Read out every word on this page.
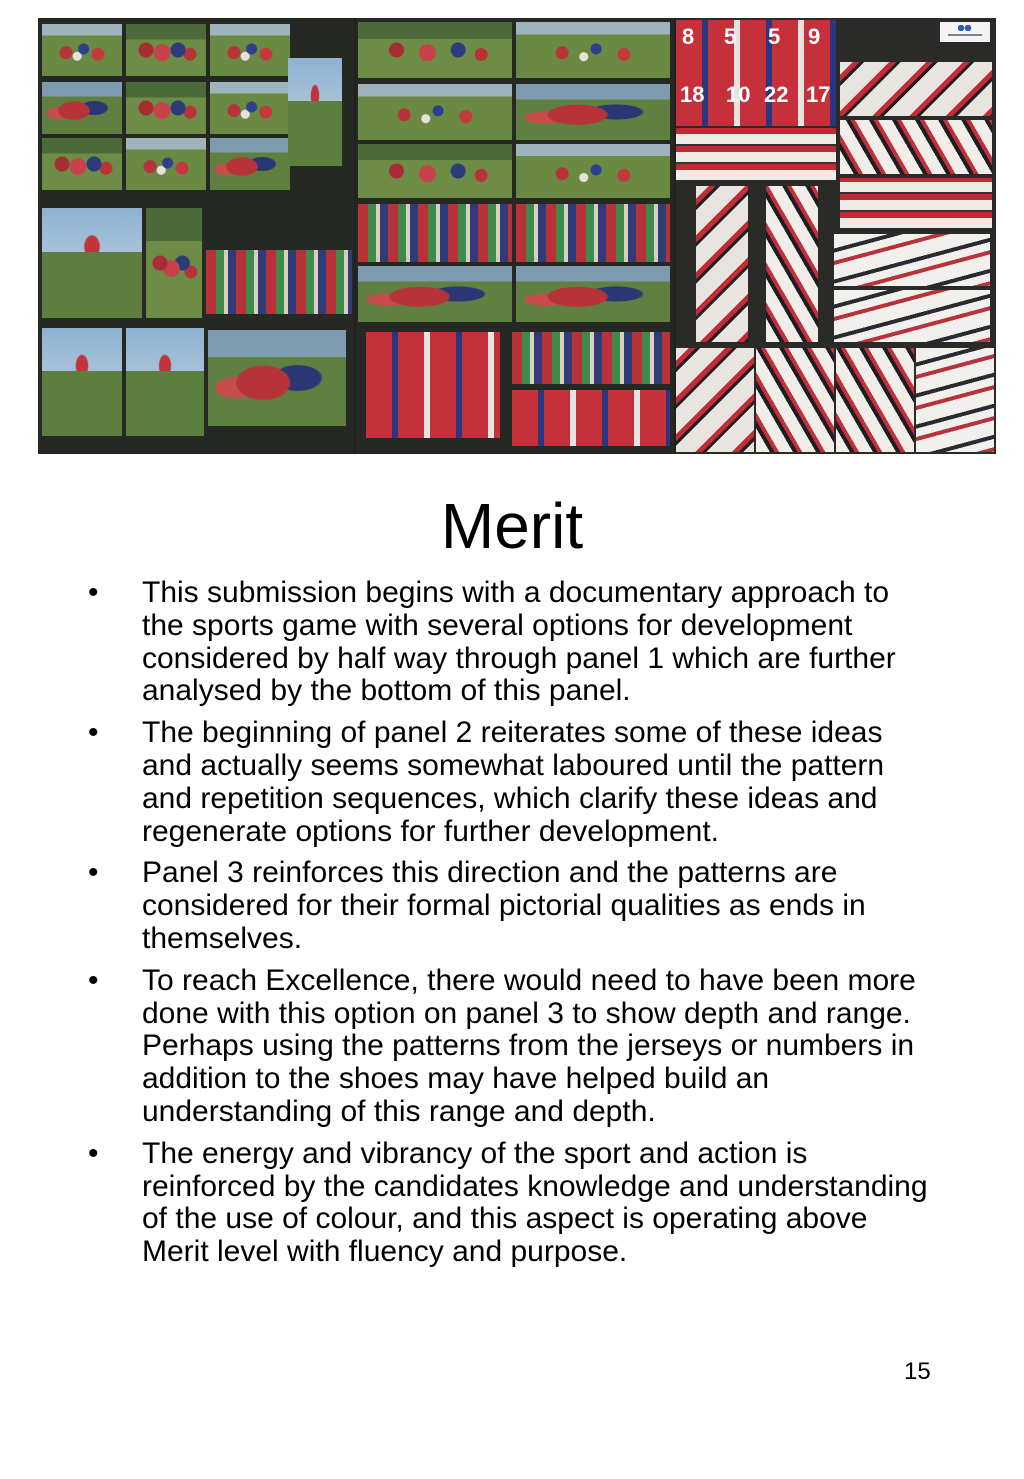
8 5 5 9
18 10 22 17
Merit
• This submission begins with a documentary approach to the sports game with several options for development considered by half way through panel 1 which are further analysed by the bottom of this panel.
• The beginning of panel 2 reiterates some of these ideas and actually seems somewhat laboured until the pattern and repetition sequences, which clarify these ideas and regenerate options for further development.
• Panel 3 reinforces this direction and the patterns are considered for their formal pictorial qualities as ends in themselves.
• To reach Excellence, there would need to have been more done with this option on panel 3 to show depth and range. Perhaps using the patterns from the jerseys or numbers in addition to the shoes may have helped build an understanding of this range and depth.
• The energy and vibrancy of the sport and action is reinforced by the candidates knowledge and understanding of the use of colour, and this aspect is operating above Merit level with fluency and purpose.
15
